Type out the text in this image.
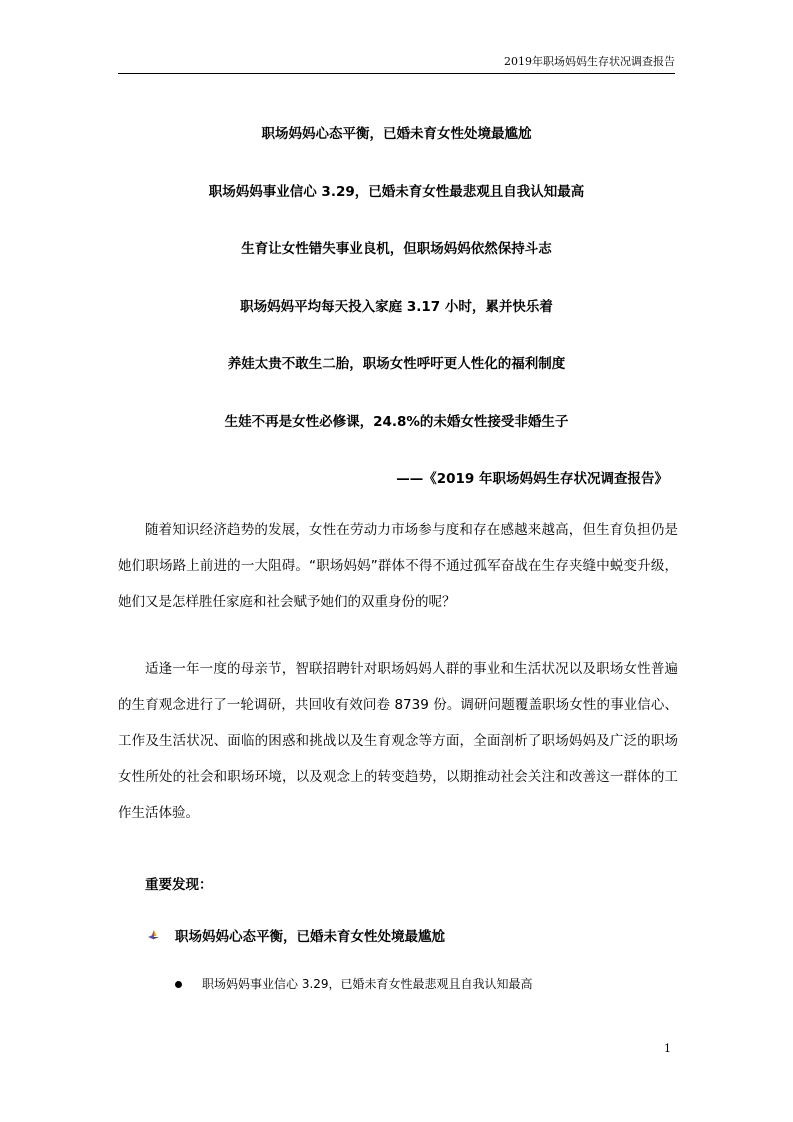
2019年职场妈妈生存状况调查报告
职场妈妈心态平衡，已婚未育女性处境最尴尬
职场妈妈事业信心 3.29，已婚未育女性最悲观且自我认知最高
生育让女性错失事业良机，但职场妈妈依然保持斗志
职场妈妈平均每天投入家庭 3.17 小时，累并快乐着
养娃太贵不敢生二胎，职场女性呼吁更人性化的福利制度
生娃不再是女性必修课，24.8%的未婚女性接受非婚生子
——《2019 年职场妈妈生存状况调查报告》

随着知识经济趋势的发展，女性在劳动力市场参与度和存在感越来越高，但生育负担仍是她们职场路上前进的一大阻碍。“职场妈妈”群体不得不通过孤军奋战在生存夹缝中蜕变升级，她们又是怎样胜任家庭和社会赋予她们的双重身份的呢？

适逢一年一度的母亲节，智联招聘针对职场妈妈人群的事业和生活状况以及职场女性普遍的生育观念进行了一轮调研，共回收有效问卷 8739 份。调研问题覆盖职场女性的事业信心、工作及生活状况、面临的困惑和挑战以及生育观念等方面，全面剖析了职场妈妈及广泛的职场女性所处的社会和职场环境，以及观念上的转变趋势，以期推动社会关注和改善这一群体的工作生活体验。

重要发现：
职场妈妈心态平衡，已婚未育女性处境最尴尬
职场妈妈事业信心 3.29，已婚未育女性最悲观且自我认知最高
1
